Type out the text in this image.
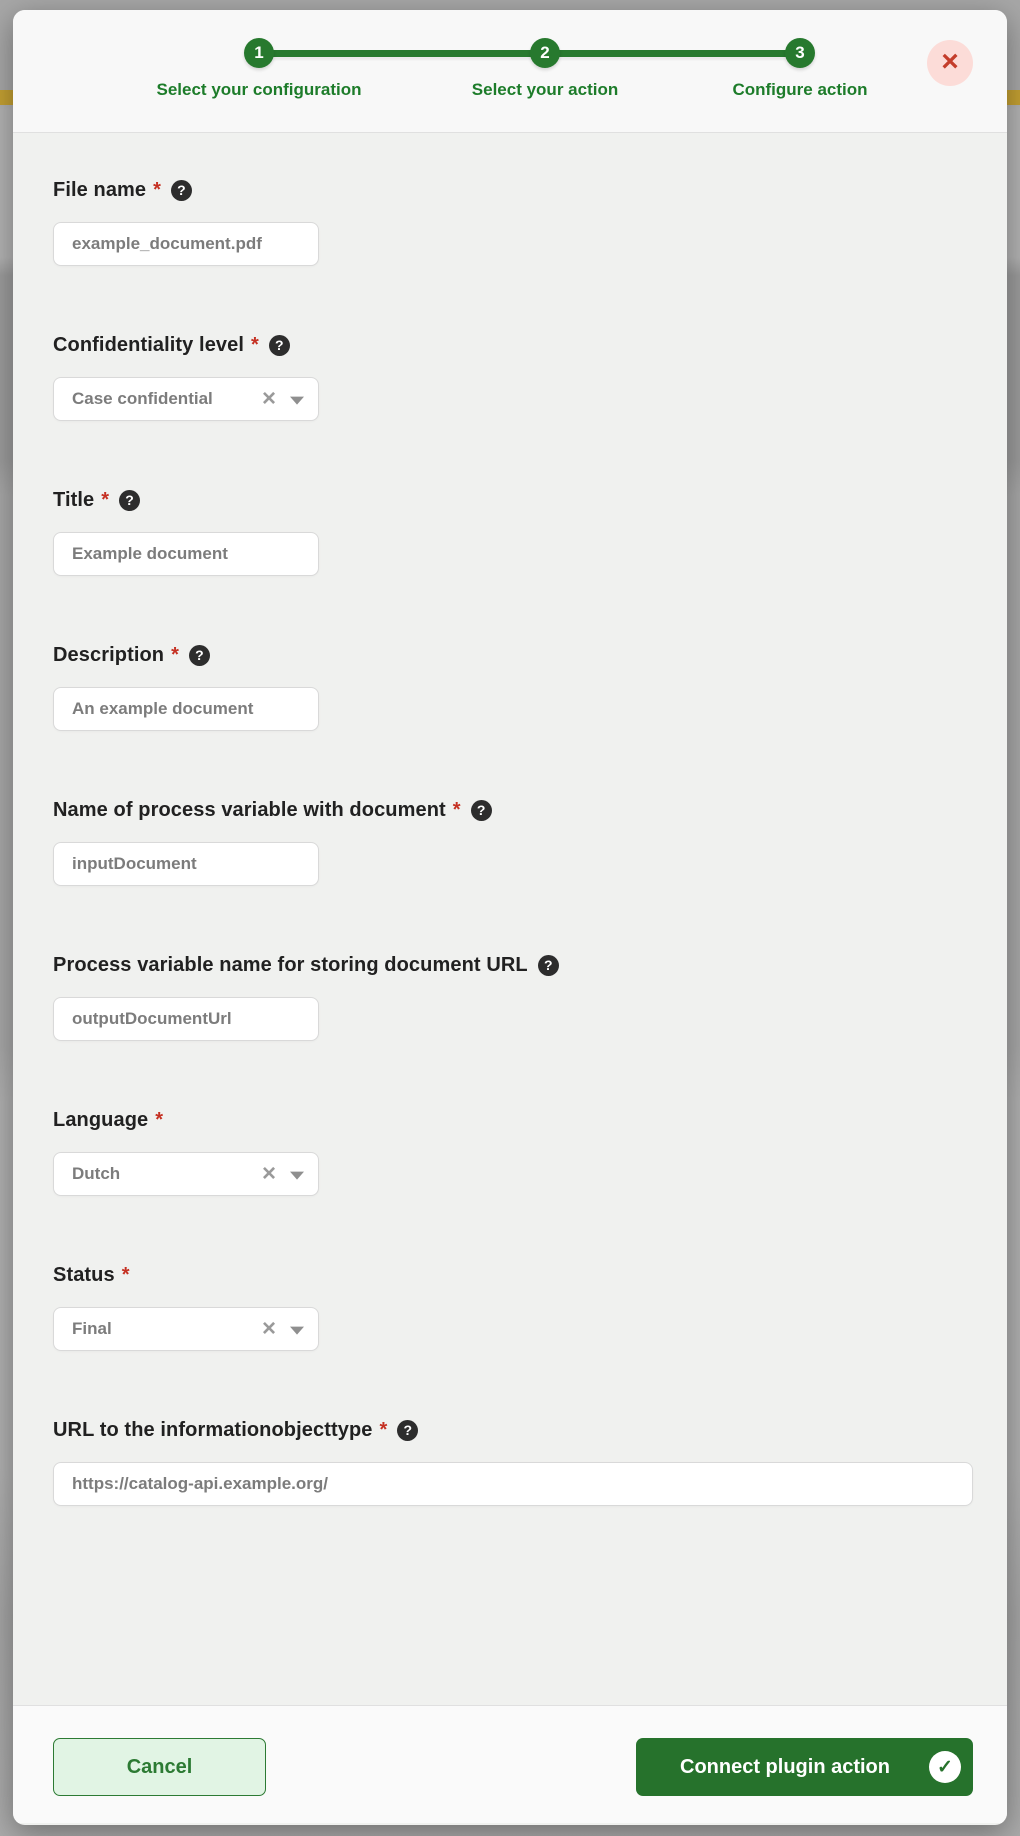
1	2	3
Select your configuration	Select your action	Configure action
×
File name *	?
example_document.pdf
Confidentiality level *	?
Case confidential ×
Title *	?
Example document
Description *	?
An example document
Name of process variable with document *	?
inputDocument
Process variable name for storing document URL	?
outputDocumentUrl
Language *
Dutch	×
Status *
Final	×
URL to the informationobjecttype *	?
https://catalog-api.example.org/
Cancel	Connect plugin action ✓
